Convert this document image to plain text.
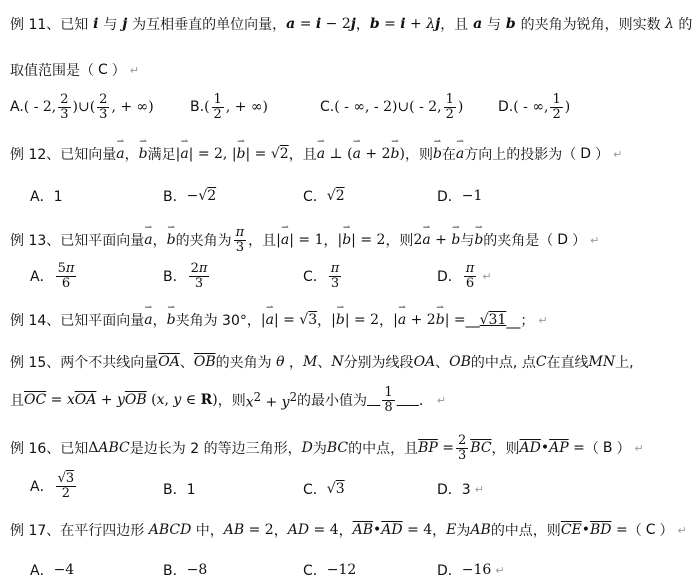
例 11、 已知 i 与 j 为互相垂直的单位向量， a = i − 2j ， b = i + λj ，且 a 与 b 的夹角为锐角，则实数 λ 的
取值范围是（ C ） ↵
A. ( - 2, $\frac{2}{3}$ )∪( $\frac{2}{3}$ , + ∞)	B. ( $\frac{1}{2}$ , + ∞)	C. ( - ∞, - 2)∪( - 2, $\frac{1}{2}$ ) D. ( - ∞, $\frac{1}{2}$ )
例 12、 已知向量 ⇀ a ， ⇀ b 满足 |⇀ a| = 2, |⇀ b| = √2 ，且 ⇀ a ⊥ (⇀ a + 2⇀ b) ，则 ⇀ b 在 ⇀ a 方向上的投影为（ D ） ↵
A．1	B． −√2	C． √2	D． −1
例 13、 已知平面向量 ⇀ a ， ⇀ b 的夹角为 $\frac{\pi}{3}$ ，且 |⇀ a| = 1 ， |⇀ b| = 2 ，则 2⇀ a + ⇀ b 与 ⇀ b 的夹角是（ D ） ↵
A． $\frac{5\pi}{6}$	B． $\frac{2\pi}{3}$	C． $\frac{\pi}{3}$	D． $\frac{\pi}{6}$ ↵
例 14、 已知平面向量 ⇀ a ， ⇀ b 夹角为 30°， |⇀ a| = √3 ， |⇀ b| = 2 ， |⇀ a + 2⇀ b| = __ √31 __； ↵
例 15、 两个不共线向量 $\overline{OA}$ 、 $\overline{OB}$ 的夹角为 θ ， M 、 N 分别为线段 OA 、 OB 的中点, 点 C 在直线 MN 上,
且 $\overline{OC} = x\overline{OA} + y\overline{OB}$ (x, y ∈ R) ，则 $x^2 + y^2$ 的最小值为
$\frac{1}{8}$
． ↵
例 16、 已知 ΔABC 是边长为 2 的等边三角形， D 为 BC 的中点，且 $\overline{BP} = \frac{2}{3} \overline{BC}$ ，则 $\overline{AD}•\overline{AP}$ = （ B ） ↵
A． $\frac{√3}{2}$	B．1	C． √3	D．3 ↵
例 17、 在平行四边形 ABCD 中， AB = 2 ， AD = 4 ， $\overline{AB}•\overline{AD} = 4$ ， E 为 AB 的中点，则 $\overline{CE}•\overline{BD}$ = （ C ） ↵
A． −4	B． −8	C． −12	D． −16 ↵
